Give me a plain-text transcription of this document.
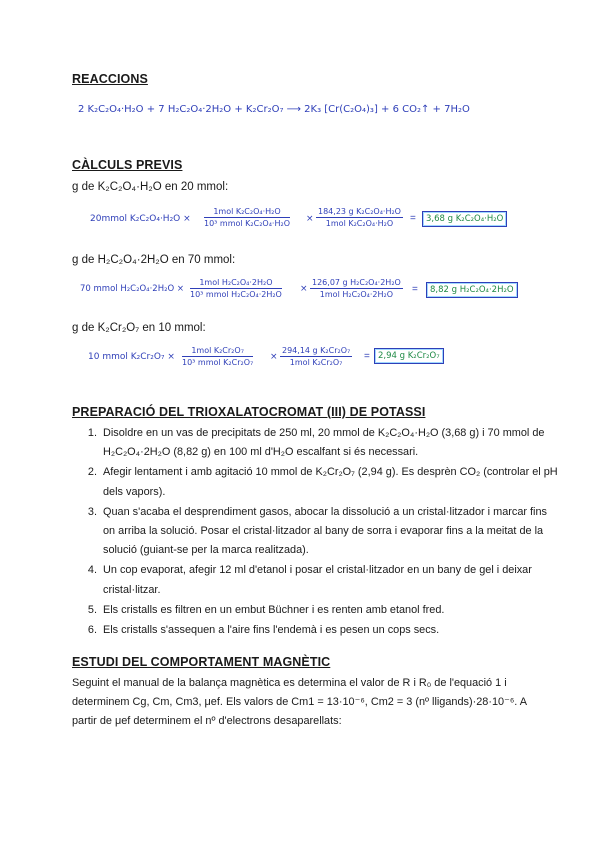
REACCIONS
2 K₂C₂O₄·H₂O + 7 H₂C₂O₄·2H₂O + K₂Cr₂O₇ ⟶ 2K₃ [Cr(C₂O₄)₃] + 6 CO₂↑ + 7H₂O
CÀLCULS PREVIS
g de K₂C₂O₄·H₂O en 20 mmol:
20mmol K₂C₂O₄·H₂O ×
1mol K₂C₂O₄·H₂O
10³ mmol K₂C₂O₄·H₂O ×
184,23 g K₂C₂O₄·H₂O
1mol K₂C₂O₄·H₂O	=	3,68 g K₂C₂O₄·H₂O
g de H₂C₂O₄·2H₂O en 70 mmol:
70 mmol H₂C₂O₄·2H₂O ×
1mol H₂C₂O₄·2H₂O
10³ mmol H₂C₂O₄·2H₂O
×
126,07 g H₂C₂O₄·2H₂O
1mol H₂C₂O₄·2H₂O	=	8,82 g H₂C₂O₄·2H₂O
g de K₂Cr₂O₇ en 10 mmol:
10 mmol K₂Cr₂O₇ ×
1mol K₂Cr₂O₇
10³ mmol K₂Cr₂O₇
×
294,14 g K₂Cr₂O₇
1mol K₂Cr₂O₇
= 2,94 g K₂Cr₂O₇
PREPARACIÓ DEL TRIOXALATOCROMAT (III) DE POTASSI
1. Disoldre en un vas de precipitats de 250 ml, 20 mmol de K₂C₂O₄·H₂O (3,68 g) i 70 mmol de H₂C₂O₄·2H₂O (8,82 g) en 100 ml d'H₂O escalfant si és necessari.
2. Afegir lentament i amb agitació 10 mmol de K₂Cr₂O₇ (2,94 g). Es desprèn CO₂ (controlar el pH dels vapors).
3. Quan s'acaba el desprendiment gasos, abocar la dissolució a un cristal·litzador i marcar fins on arriba la solució. Posar el cristal·litzador al bany de sorra i evaporar fins a la meitat de la solució (guiant-se per la marca realitzada).
4. Un cop evaporat, afegir 12 ml d'etanol i posar el cristal·litzador en un bany de gel i deixar cristal·litzar.
5. Els cristalls es filtren en un embut Büchner i es renten amb etanol fred.
6. Els cristalls s'assequen a l'aire fins l'endemà i es pesen un cops secs.
ESTUDI DEL COMPORTAMENT MAGNÈTIC
Seguint el manual de la balança magnètica es determina el valor de R i R₀ de l'equació 1 i determinem Cg, Cm, Cm3, μef. Els valors de Cm1 = 13·10⁻⁶, Cm2 = 3 (nº lligands)·28·10⁻⁶. A partir de μef determinem el nº d'electrons desaparellats:
